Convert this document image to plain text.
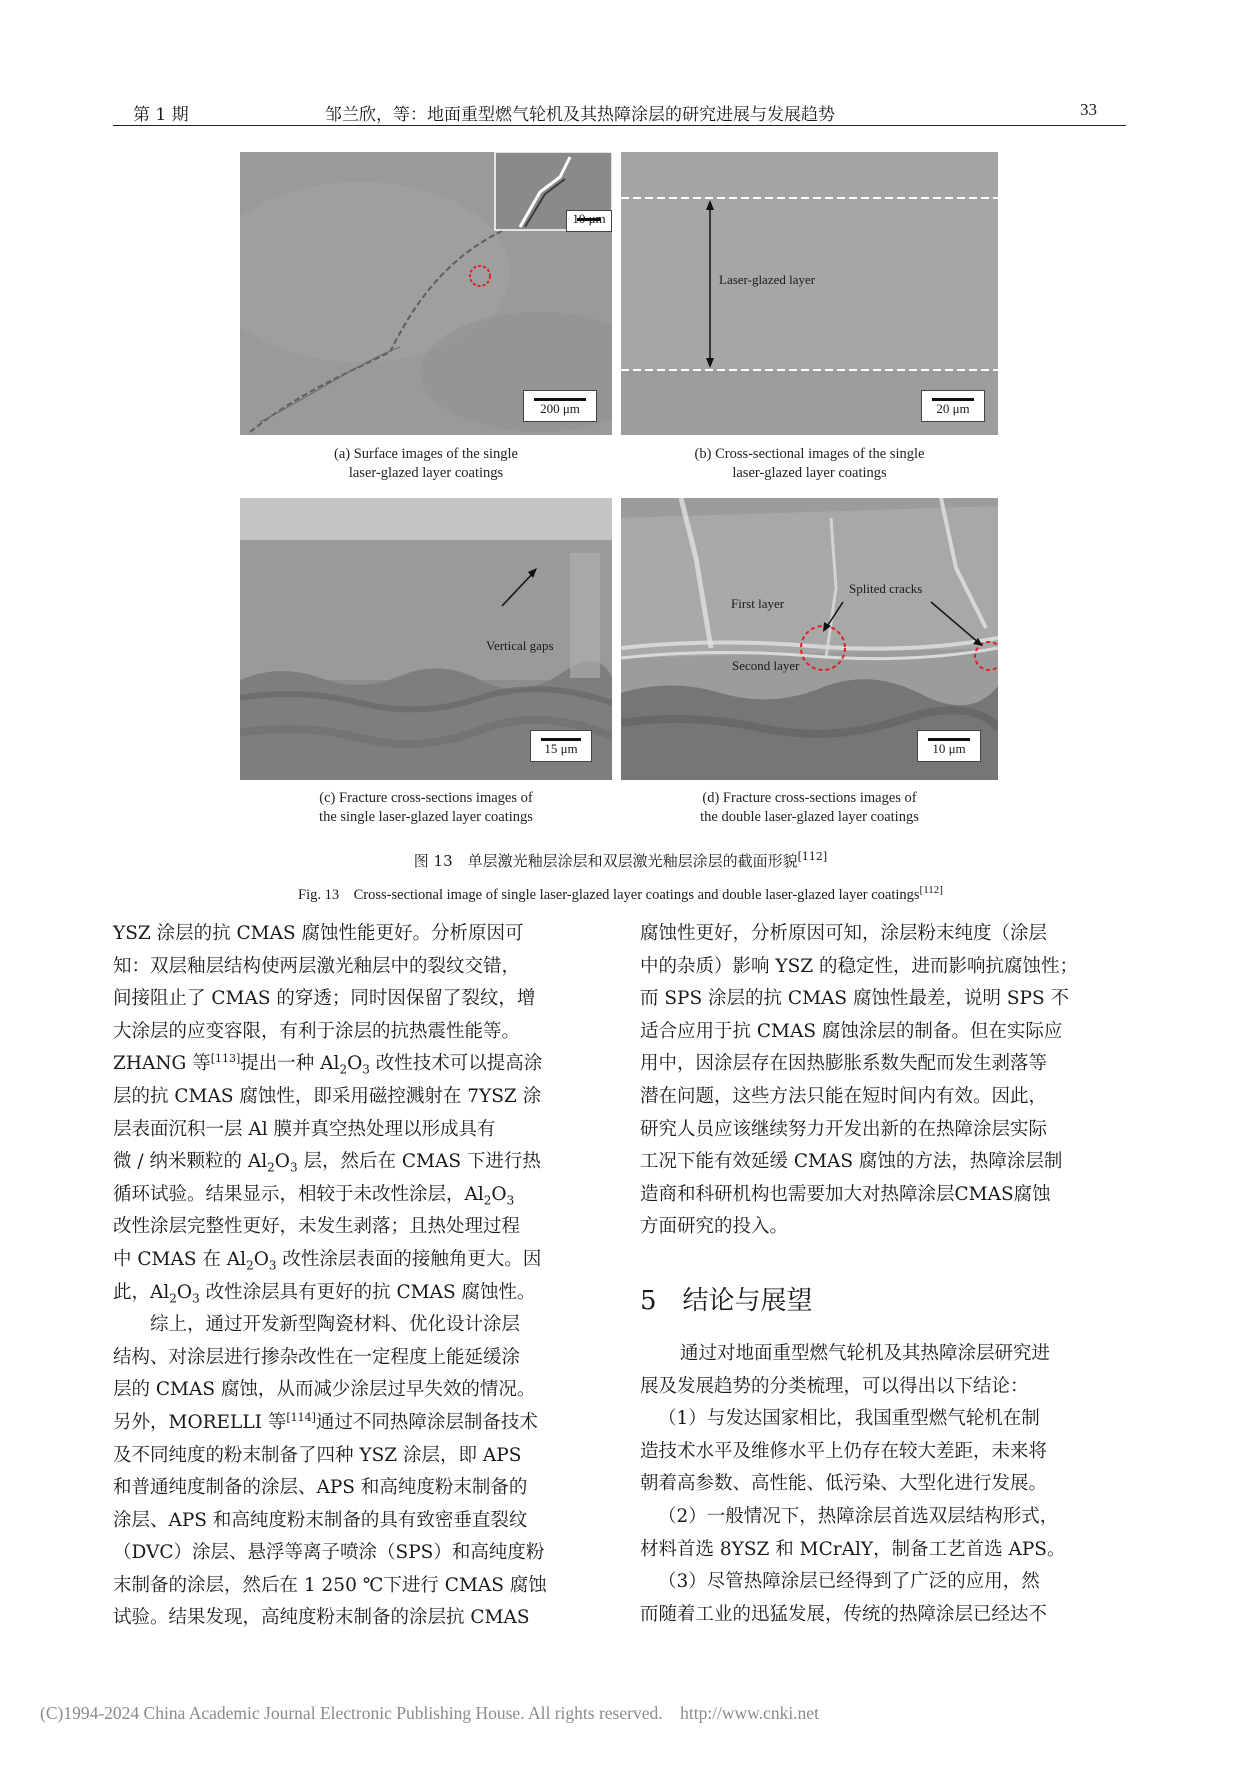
第 1 期	邹兰欣，等：地面重型燃气轮机及其热障涂层的研究进展与发展趋势	33
10 μm
200 μm
(a) Surface images of the single
laser-glazed layer coatings
Laser-glazed layer
20 μm
(b) Cross-sectional images of the single
laser-glazed layer coatings
Vertical gaps
15 μm
(c) Fracture cross-sections images of
the single laser-glazed layer coatings
First layer
Second layer
Splited cracks
10 μm
(d) Fracture cross-sections images of
the double laser-glazed layer coatings
图 13　单层激光釉层涂层和双层激光釉层涂层的截面形貌[112]
Fig. 13　Cross-sectional image of single laser-glazed layer coatings and double laser-glazed layer coatings[112]
YSZ 涂层的抗 CMAS 腐蚀性能更好。分析原因可
知：双层釉层结构使两层激光釉层中的裂纹交错，
间接阻止了 CMAS 的穿透；同时因保留了裂纹，增
大涂层的应变容限，有利于涂层的抗热震性能等。
ZHANG 等[113]提出一种 $Al_2O_3$ 改性技术可以提高涂
层的抗 CMAS 腐蚀性，即采用磁控溅射在 7YSZ 涂
层表面沉积一层 Al 膜并真空热处理以形成具有
微 / 纳米颗粒的 $Al_2O_3$ 层，然后在 CMAS 下进行热
循环试验。结果显示，相较于未改性涂层，$Al_2O_3$
改性涂层完整性更好，未发生剥落；且热处理过程
中 CMAS 在 $Al_2O_3$ 改性涂层表面的接触角更大。因
此，$Al_2O_3$ 改性涂层具有更好的抗 CMAS 腐蚀性。
综上，通过开发新型陶瓷材料、优化设计涂层
结构、对涂层进行掺杂改性在一定程度上能延缓涂
层的 CMAS 腐蚀，从而减少涂层过早失效的情况。
另外，MORELLI 等[114]通过不同热障涂层制备技术
及不同纯度的粉末制备了四种 YSZ 涂层，即 APS
和普通纯度制备的涂层、APS 和高纯度粉末制备的
涂层、APS 和高纯度粉末制备的具有致密垂直裂纹
（DVC）涂层、悬浮等离子喷涂（SPS）和高纯度粉
末制备的涂层，然后在 1 250 ℃下进行 CMAS 腐蚀
试验。结果发现，高纯度粉末制备的涂层抗 CMAS
腐蚀性更好，分析原因可知，涂层粉末纯度（涂层
中的杂质）影响 YSZ 的稳定性，进而影响抗腐蚀性；
而 SPS 涂层的抗 CMAS 腐蚀性最差，说明 SPS 不
适合应用于抗 CMAS 腐蚀涂层的制备。但在实际应
用中，因涂层存在因热膨胀系数失配而发生剥落等
潜在问题，这些方法只能在短时间内有效。因此，
研究人员应该继续努力开发出新的在热障涂层实际
工况下能有效延缓 CMAS 腐蚀的方法，热障涂层制
造商和科研机构也需要加大对热障涂层CMAS腐蚀
方面研究的投入。
5　结论与展望
通过对地面重型燃气轮机及其热障涂层研究进
展及发展趋势的分类梳理，可以得出以下结论：
（1）与发达国家相比，我国重型燃气轮机在制
造技术水平及维修水平上仍存在较大差距，未来将
朝着高参数、高性能、低污染、大型化进行发展。
（2）一般情况下，热障涂层首选双层结构形式，
材料首选 8YSZ 和 MCrAlY，制备工艺首选 APS。
（3）尽管热障涂层已经得到了广泛的应用，然
而随着工业的迅猛发展，传统的热障涂层已经达不
(C)1994-2024 China Academic Journal Electronic Publishing House. All rights reserved.　http://www.cnki.net
